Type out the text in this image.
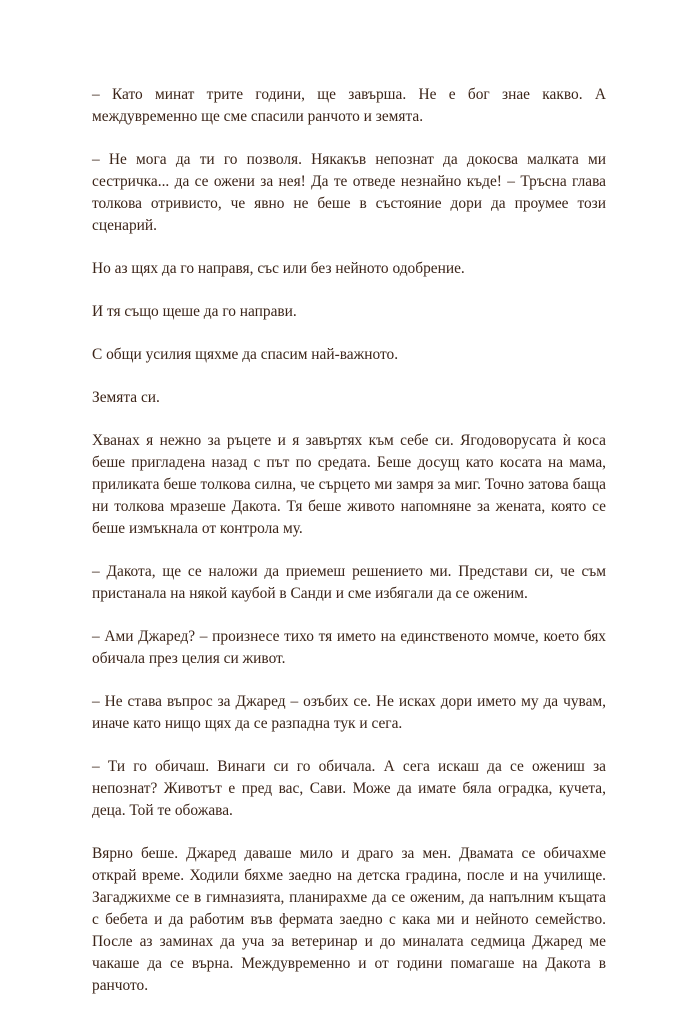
– Като минат трите години, ще завърша. Не е бог знае какво. А междувременно ще сме спасили ранчото и земята.

– Не мога да ти го позволя. Някакъв непознат да докосва малката ми сестричка... да се ожени за нея! Да те отведе незнайно къде! – Тръсна глава толкова отривисто, че явно не беше в състояние дори да проумее този сценарий.

Но аз щях да го направя, със или без нейното одобрение.

И тя също щеше да го направи.

С общи усилия щяхме да спасим най-важното.

Земята си.

Хванах я нежно за ръцете и я завъртях към себе си. Ягодоворусата ѝ коса беше пригладена назад с път по средата. Беше досущ като косата на мама, приликата беше толкова силна, че сърцето ми замря за миг. Точно затова баща ни толкова мразеше Дакота. Тя беше живото напомняне за жената, която се беше измъкнала от контрола му.

– Дакота, ще се наложи да приемеш решението ми. Представи си, че съм пристанала на някой каубой в Санди и сме избягали да се оженим.

– Ами Джаред? – произнесе тихо тя името на единственото момче, което бях обичала през целия си живот.

– Не става въпрос за Джаред – озъбих се. Не исках дори името му да чувам, иначе като нищо щях да се разпадна тук и сега.

– Ти го обичаш. Винаги си го обичала. А сега искаш да се ожениш за непознат? Животът е пред вас, Сави. Може да имате бяла оградка, кучета, деца. Той те обожава.

Вярно беше. Джаред даваше мило и драго за мен. Двамата се обичахме открай време. Ходили бяхме заедно на детска градина, после и на училище. Загаджихме се в гимназията, планирахме да се оженим, да напълним къщата с бебета и да работим във фермата заедно с кака ми и нейното семейство. После аз заминах да уча за ветеринар и до миналата седмица Джаред ме чакаше да се върна. Междувременно и от години помагаше на Дакота в ранчото.
